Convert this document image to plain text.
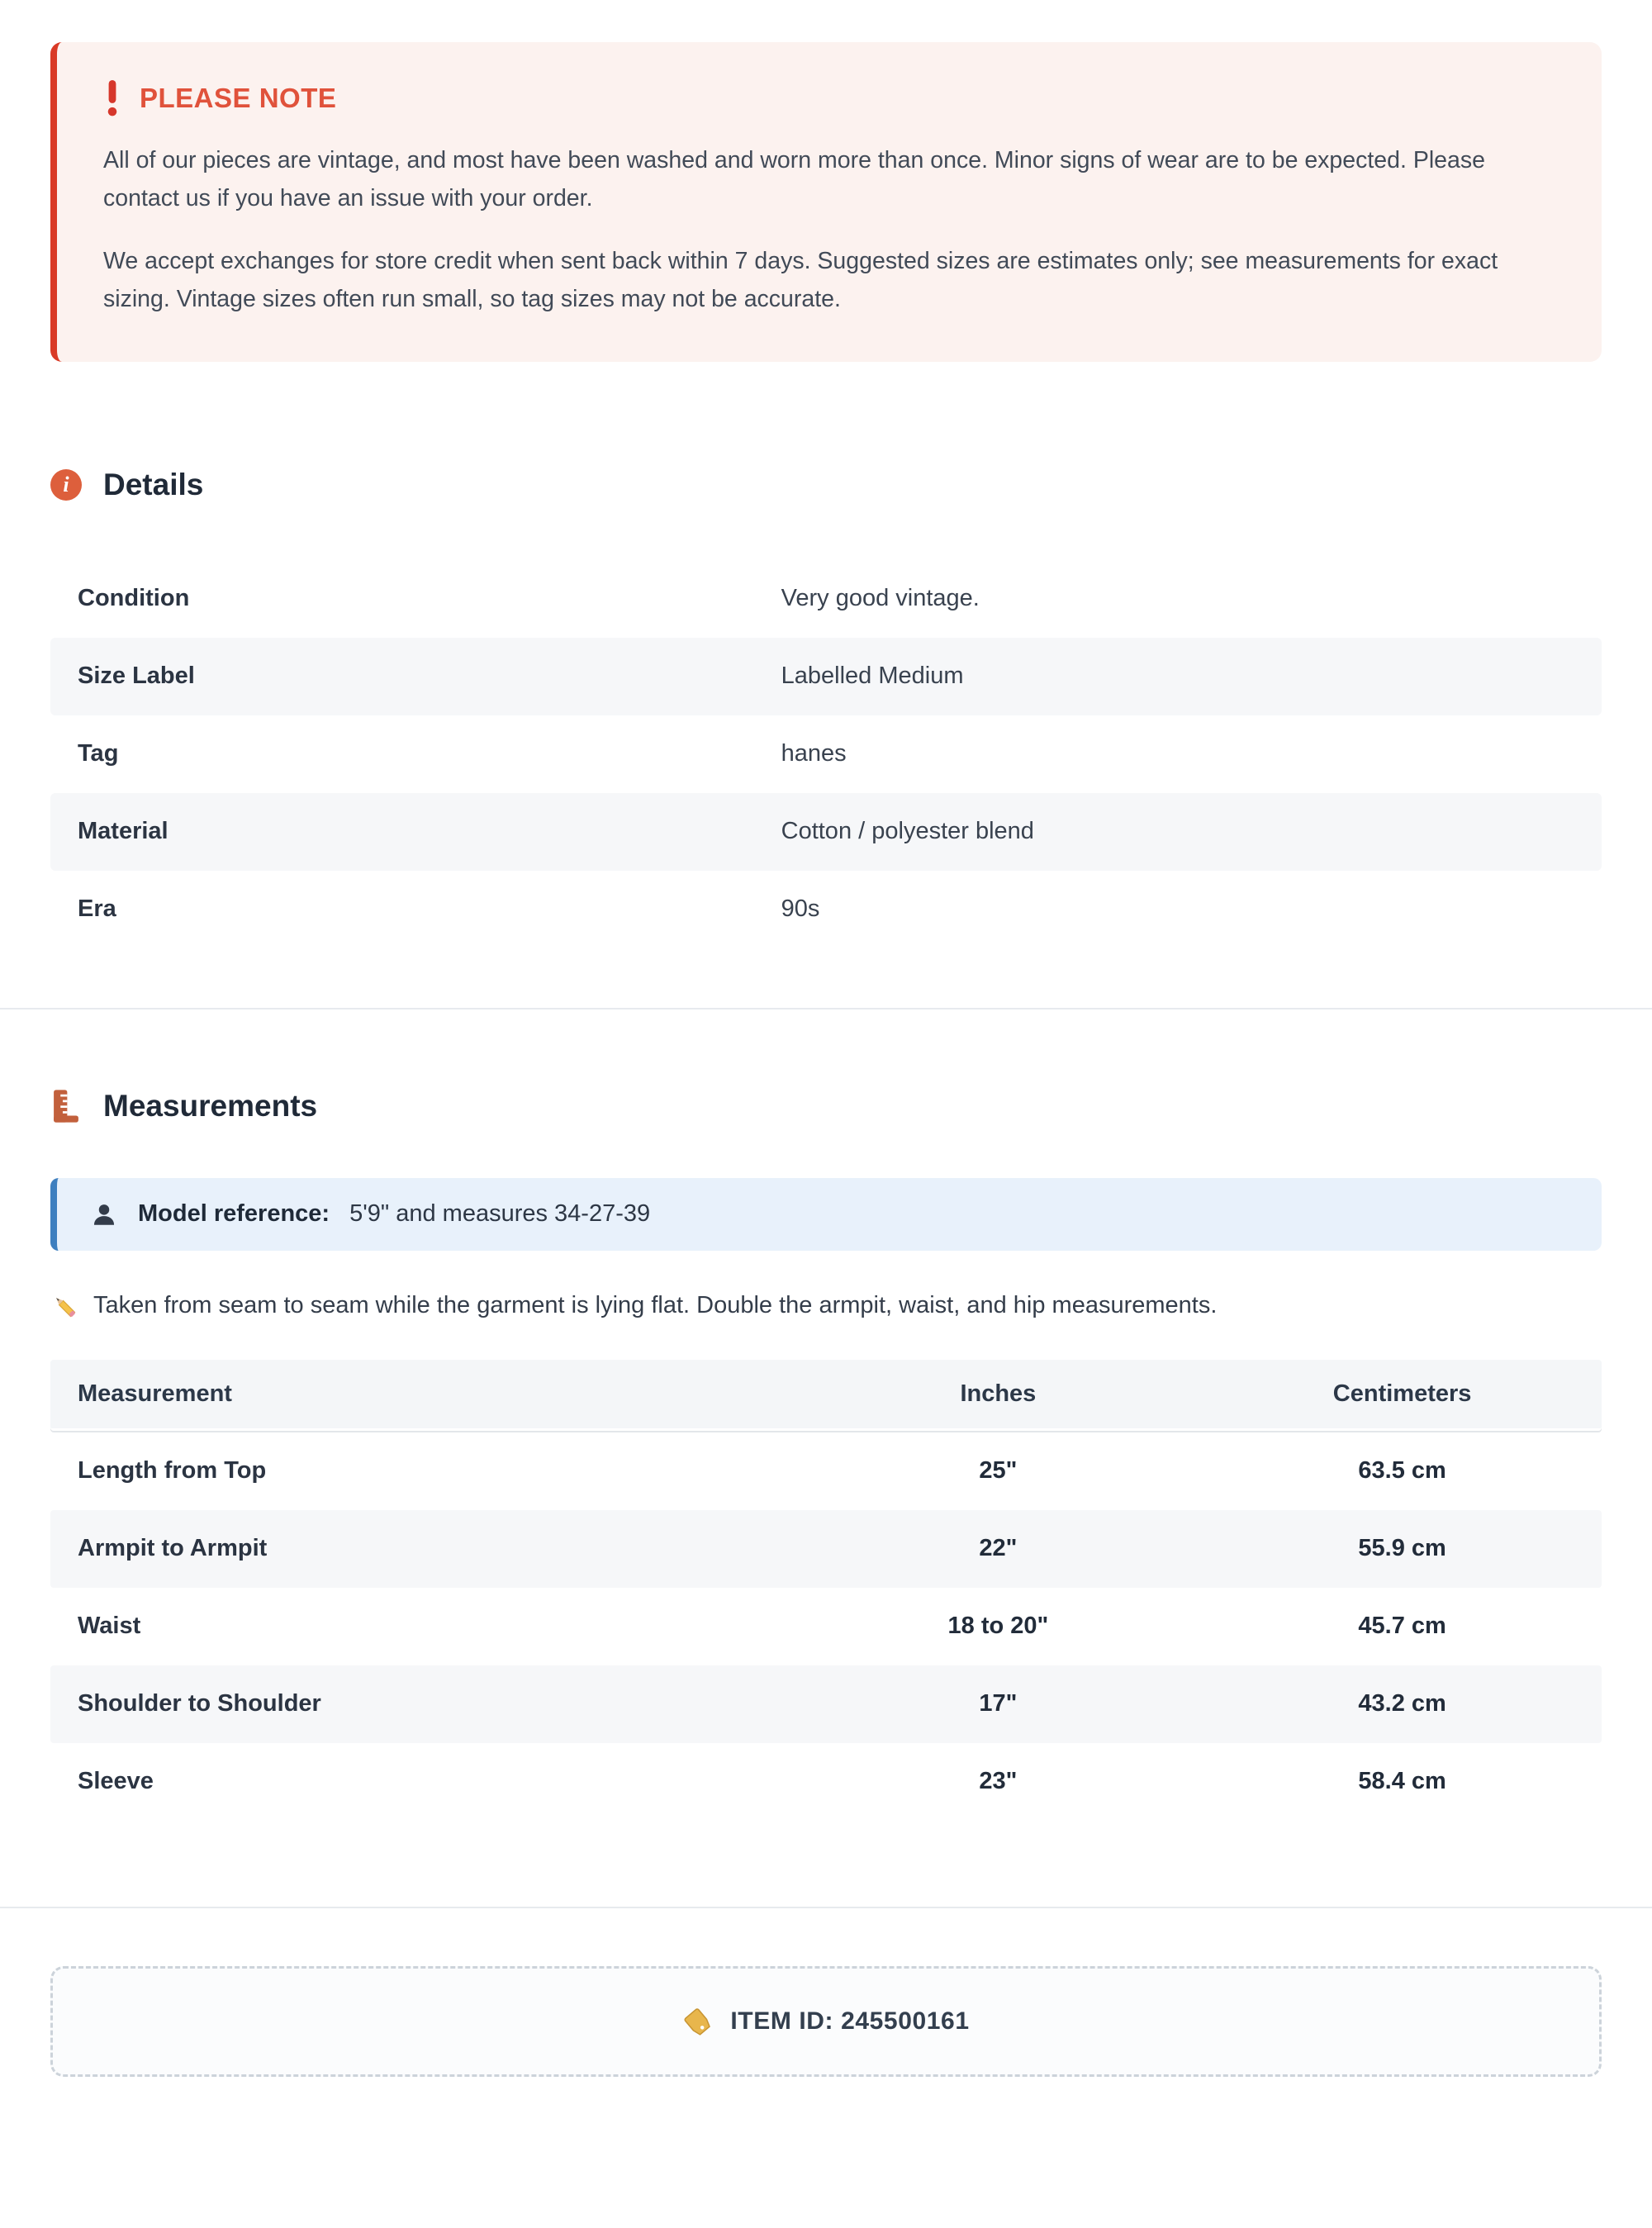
PLEASE NOTE

All of our pieces are vintage, and most have been washed and worn more than once. Minor signs of wear are to be expected. Please contact us if you have an issue with your order.

We accept exchanges for store credit when sent back within 7 days. Suggested sizes are estimates only; see measurements for exact sizing. Vintage sizes often run small, so tag sizes may not be accurate.

i	Details
Condition	Very good vintage.
Size Label	Labelled Medium
Tag	hanes
Material	Cotton / polyester blend
Era	90s
Measurements
Model reference: 5'9" and measures 34-27-39
Taken from seam to seam while the garment is lying flat. Double the armpit, waist, and hip measurements.
Measurement	Inches	Centimeters
Length from Top	25"	63.5 cm
Armpit to Armpit	22"	55.9 cm
Waist	18 to 20"	45.7 cm
Shoulder to Shoulder	17"	43.2 cm
Sleeve	23"	58.4 cm
ITEM ID: 245500161
